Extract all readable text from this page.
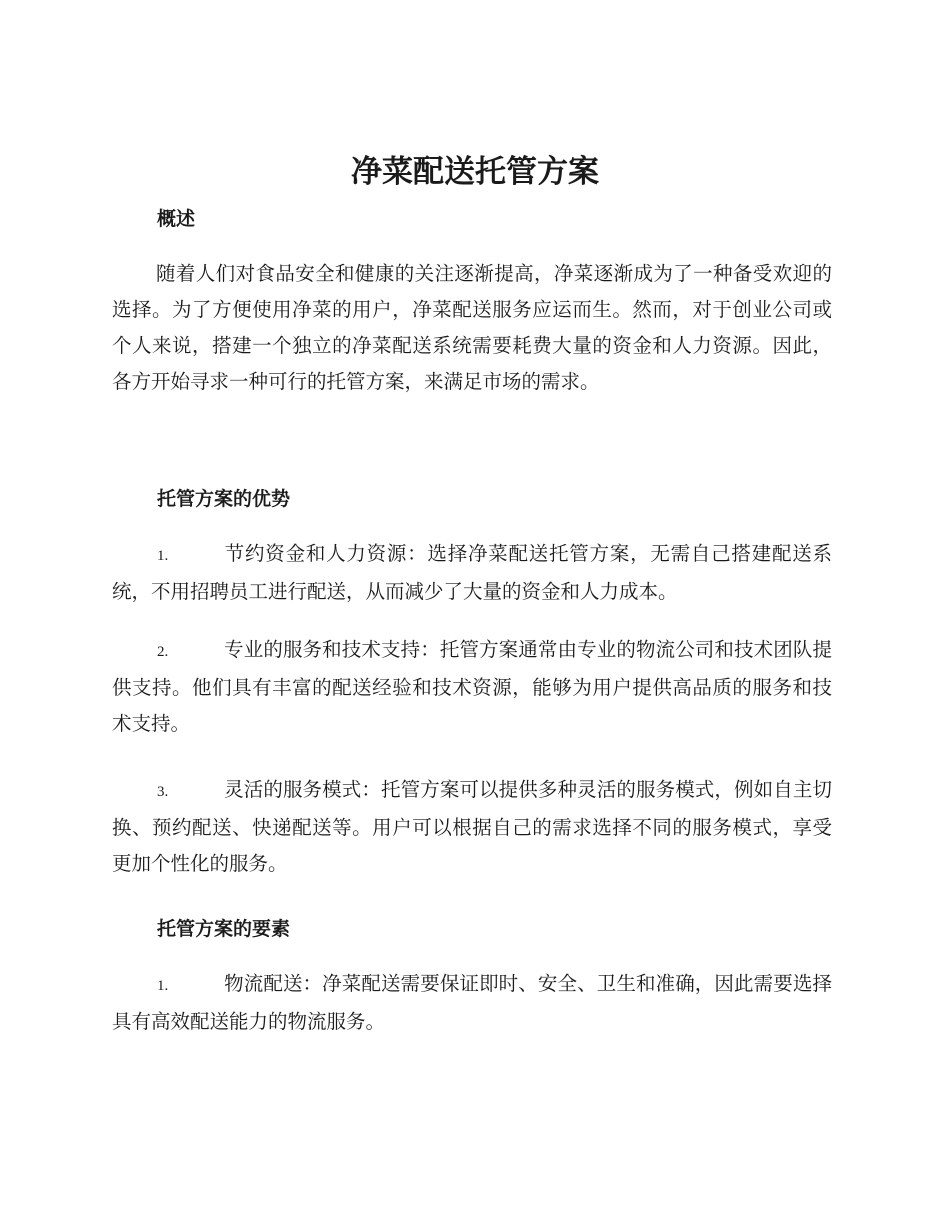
净菜配送托管方案
概述

随着人们对食品安全和健康的关注逐渐提高，净菜逐渐成为了一种备受欢迎的选择。为了方便使用净菜的用户，净菜配送服务应运而生。然而，对于创业公司或个人来说，搭建一个独立的净菜配送系统需要耗费大量的资金和人力资源。因此，各方开始寻求一种可行的托管方案，来满足市场的需求。

托管方案的优势

1.	节约资金和人力资源：选择净菜配送托管方案，无需自己搭建配送系统，不用招聘员工进行配送，从而减少了大量的资金和人力成本。

2.	专业的服务和技术支持：托管方案通常由专业的物流公司和技术团队提供支持。他们具有丰富的配送经验和技术资源，能够为用户提供高品质的服务和技术支持。

3.	灵活的服务模式：托管方案可以提供多种灵活的服务模式，例如自主切换、预约配送、快递配送等。用户可以根据自己的需求选择不同的服务模式，享受更加个性化的服务。

托管方案的要素

1.	物流配送：净菜配送需要保证即时、安全、卫生和准确，因此需要选择具有高效配送能力的物流服务。
